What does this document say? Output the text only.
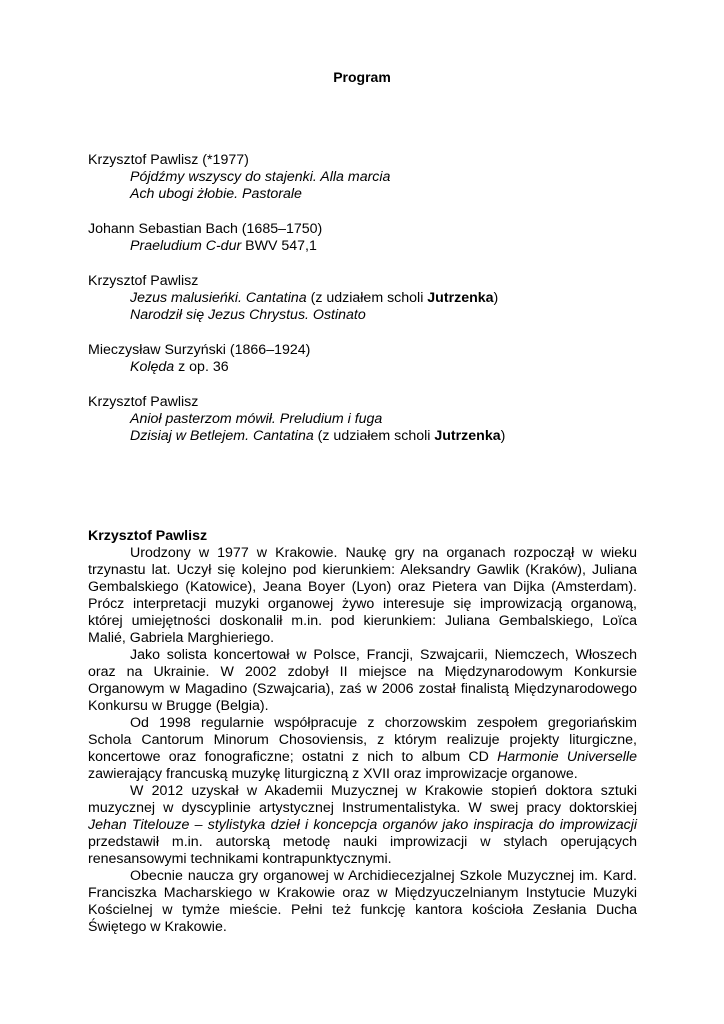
Program
Krzysztof Pawlisz (*1977)
Pójdźmy wszyscy do stajenki. Alla marcia
Ach ubogi żłobie. Pastorale
Johann Sebastian Bach (1685–1750)
Praeludium C-dur BWV 547,1
Krzysztof Pawlisz
Jezus malusieńki. Cantatina (z udziałem scholi Jutrzenka)
Narodził się Jezus Chrystus. Ostinato
Mieczysław Surzyński (1866–1924)
Kolęda z op. 36
Krzysztof Pawlisz
Anioł pasterzom mówił. Preludium i fuga
Dzisiaj w Betlejem. Cantatina (z udziałem scholi Jutrzenka)
Krzysztof Pawlisz

Urodzony w 1977 w Krakowie. Naukę gry na organach rozpoczął w wieku trzynastu lat. Uczył się kolejno pod kierunkiem: Aleksandry Gawlik (Kraków), Juliana Gembalskiego (Katowice), Jeana Boyer (Lyon) oraz Pietera van Dijka (Amsterdam). Prócz interpretacji muzyki organowej żywo interesuje się improwizacją organową, której umiejętności doskonalił m.in. pod kierunkiem: Juliana Gembalskiego, Loïca Malié, Gabriela Marghieriego.

Jako solista koncertował w Polsce, Francji, Szwajcarii, Niemczech, Włoszech oraz na Ukrainie. W 2002 zdobył II miejsce na Międzynarodowym Konkursie Organowym w Magadino (Szwajcaria), zaś w 2006 został finalistą Międzynarodowego Konkursu w Brugge (Belgia).

Od 1998 regularnie współpracuje z chorzowskim zespołem gregoriańskim Schola Cantorum Minorum Chosoviensis, z którym realizuje projekty liturgiczne, koncertowe oraz fonograficzne; ostatni z nich to album CD Harmonie Universelle zawierający francuską muzykę liturgiczną z XVII oraz improwizacje organowe.

W 2012 uzyskał w Akademii Muzycznej w Krakowie stopień doktora sztuki muzycznej w dyscyplinie artystycznej Instrumentalistyka. W swej pracy doktorskiej Jehan Titelouze – stylistyka dzieł i koncepcja organów jako inspiracja do improwizacji przedstawił m.in. autorską metodę nauki improwizacji w stylach operujących renesansowymi technikami kontrapunktycznymi.

Obecnie naucza gry organowej w Archidiecezjalnej Szkole Muzycznej im. Kard. Franciszka Macharskiego w Krakowie oraz w Międzyuczelnianym Instytucie Muzyki Kościelnej w tymże mieście. Pełni też funkcję kantora kościoła Zesłania Ducha Świętego w Krakowie.
